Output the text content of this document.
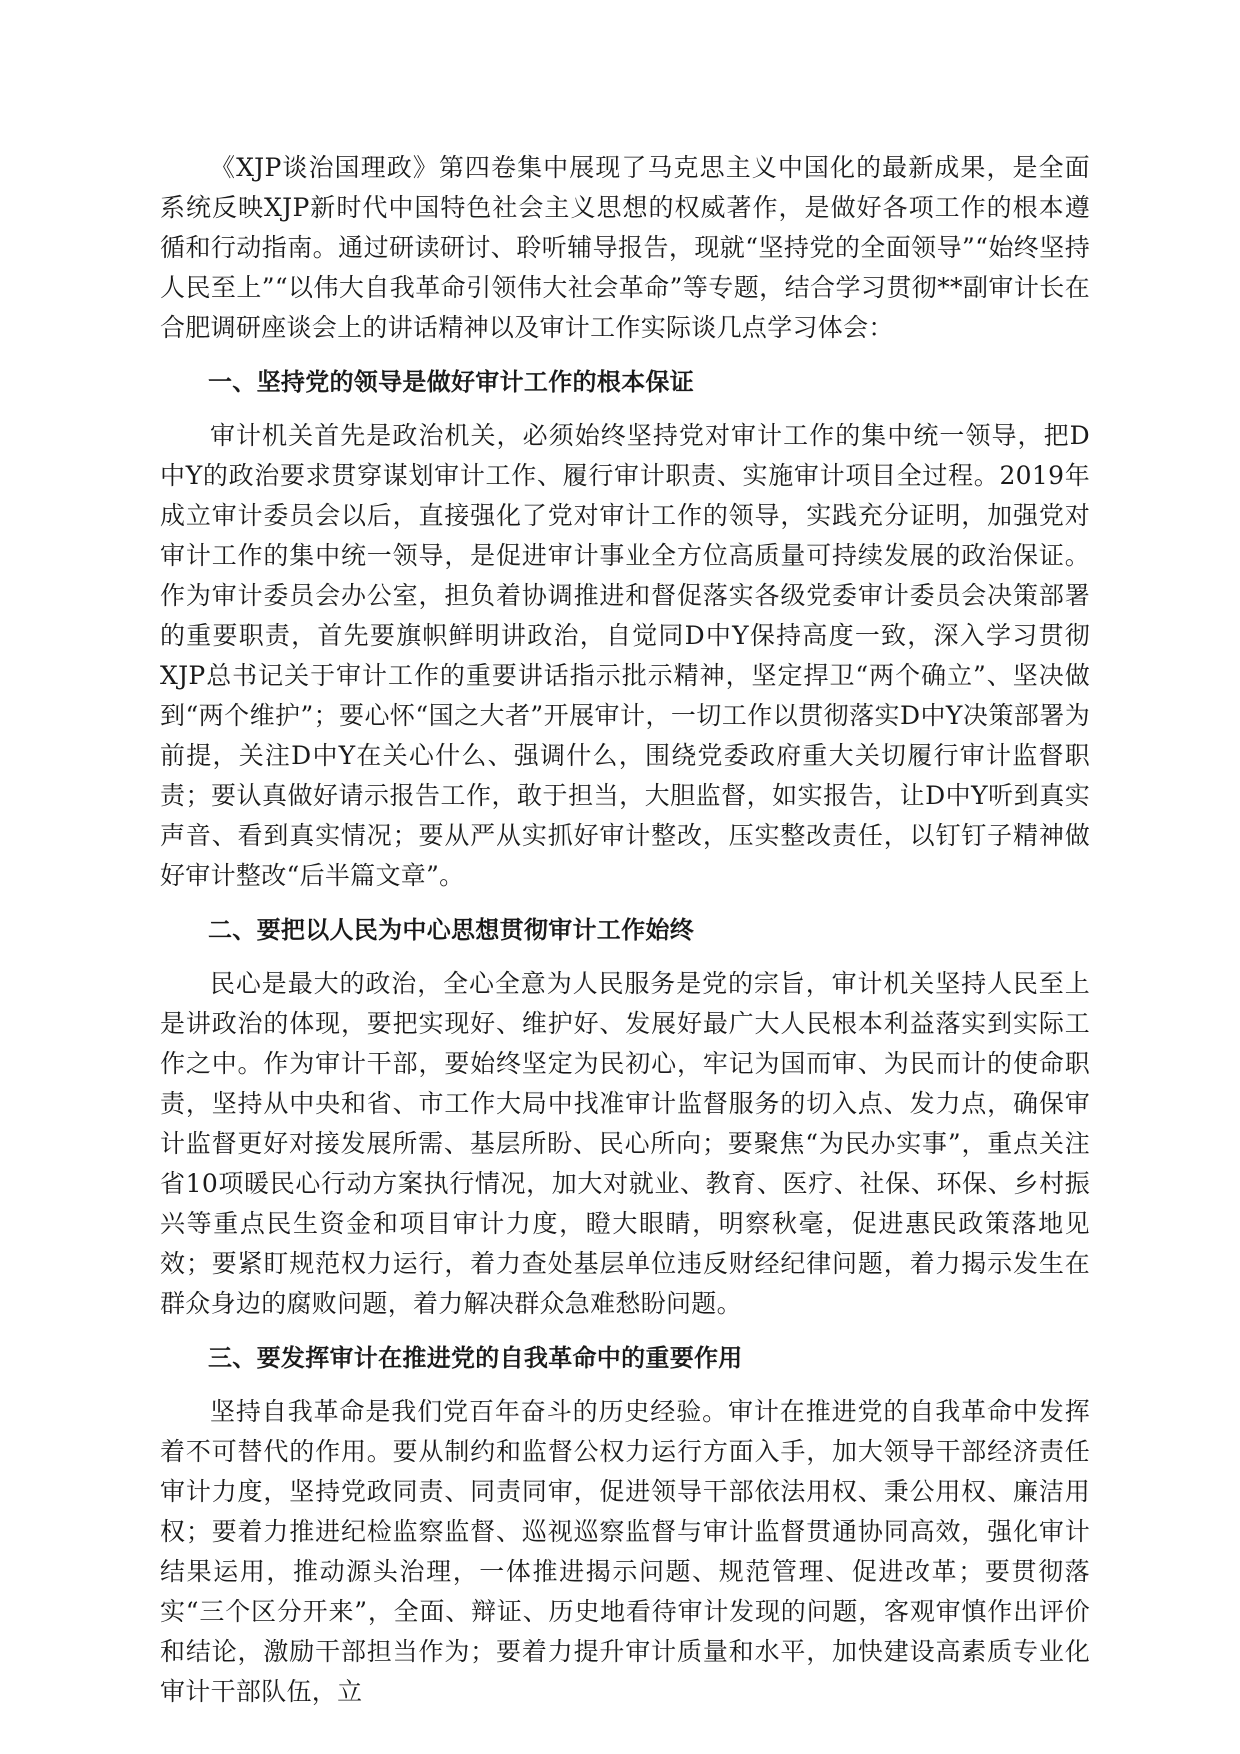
《XJP谈治国理政》第四卷集中展现了马克思主义中国化的最新成果，是全面系统反映XJP新时代中国特色社会主义思想的权威著作，是做好各项工作的根本遵循和行动指南。通过研读研讨、聆听辅导报告，现就“坚持党的全面领导”“始终坚持人民至上”“以伟大自我革命引领伟大社会革命”等专题，结合学习贯彻**副审计长在合肥调研座谈会上的讲话精神以及审计工作实际谈几点学习体会：

一、坚持党的领导是做好审计工作的根本保证

审计机关首先是政治机关，必须始终坚持党对审计工作的集中统一领导，把D中Y的政治要求贯穿谋划审计工作、履行审计职责、实施审计项目全过程。2019年成立审计委员会以后，直接强化了党对审计工作的领导，实践充分证明，加强党对审计工作的集中统一领导，是促进审计事业全方位高质量可持续发展的政治保证。作为审计委员会办公室，担负着协调推进和督促落实各级党委审计委员会决策部署的重要职责，首先要旗帜鲜明讲政治，自觉同D中Y保持高度一致，深入学习贯彻XJP总书记关于审计工作的重要讲话指示批示精神，坚定捍卫“两个确立”、坚决做到“两个维护”；要心怀“国之大者”开展审计，一切工作以贯彻落实D中Y决策部署为前提，关注D中Y在关心什么、强调什么，围绕党委政府重大关切履行审计监督职责；要认真做好请示报告工作，敢于担当，大胆监督，如实报告，让D中Y听到真实声音、看到真实情况；要从严从实抓好审计整改，压实整改责任，以钉钉子精神做好审计整改“后半篇文章”。

二、要把以人民为中心思想贯彻审计工作始终

民心是最大的政治，全心全意为人民服务是党的宗旨，审计机关坚持人民至上是讲政治的体现，要把实现好、维护好、发展好最广大人民根本利益落实到实际工作之中。作为审计干部，要始终坚定为民初心，牢记为国而审、为民而计的使命职责，坚持从中央和省、市工作大局中找准审计监督服务的切入点、发力点，确保审计监督更好对接发展所需、基层所盼、民心所向；要聚焦“为民办实事”，重点关注省10项暖民心行动方案执行情况，加大对就业、教育、医疗、社保、环保、乡村振兴等重点民生资金和项目审计力度，瞪大眼睛，明察秋毫，促进惠民政策落地见效；要紧盯规范权力运行，着力查处基层单位违反财经纪律问题，着力揭示发生在群众身边的腐败问题，着力解决群众急难愁盼问题。

三、要发挥审计在推进党的自我革命中的重要作用

坚持自我革命是我们党百年奋斗的历史经验。审计在推进党的自我革命中发挥着不可替代的作用。要从制约和监督公权力运行方面入手，加大领导干部经济责任审计力度，坚持党政同责、同责同审，促进领导干部依法用权、秉公用权、廉洁用权；要着力推进纪检监察监督、巡视巡察监督与审计监督贯通协同高效，强化审计结果运用，推动源头治理，一体推进揭示问题、规范管理、促进改革；要贯彻落实“三个区分开来”，全面、辩证、历史地看待审计发现的问题，客观审慎作出评价和结论，激励干部担当作为；要着力提升审计质量和水平，加快建设高素质专业化审计干部队伍，立
